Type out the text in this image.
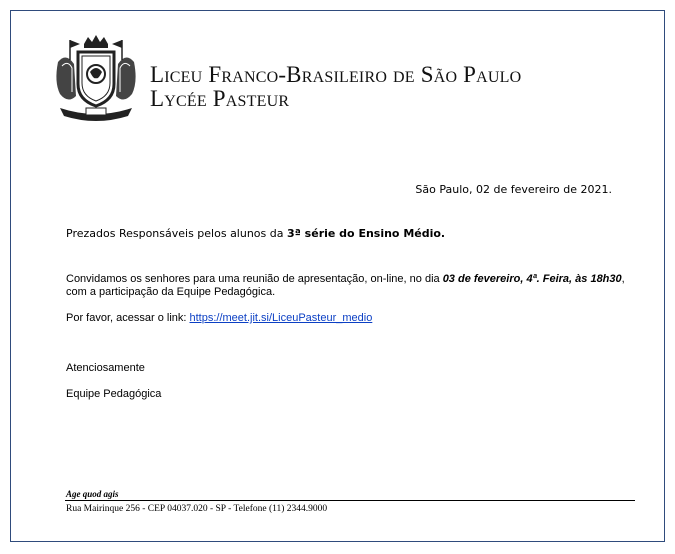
Liceu Franco-Brasileiro de São Paulo
Lycée Pasteur
São Paulo, 02 de fevereiro de 2021.
Prezados Responsáveis pelos alunos da 3ª série do Ensino Médio.
Convidamos os senhores para uma reunião de apresentação, on-line, no dia 03 de fevereiro, 4ª. Feira, às 18h30, com a participação da Equipe Pedagógica.
Por favor, acessar o link: https://meet.jit.si/LiceuPasteur_medio
Atenciosamente
Equipe Pedagógica
Age quod agis
Rua Mairinque 256 - CEP 04037.020 - SP - Telefone (11) 2344.9000
